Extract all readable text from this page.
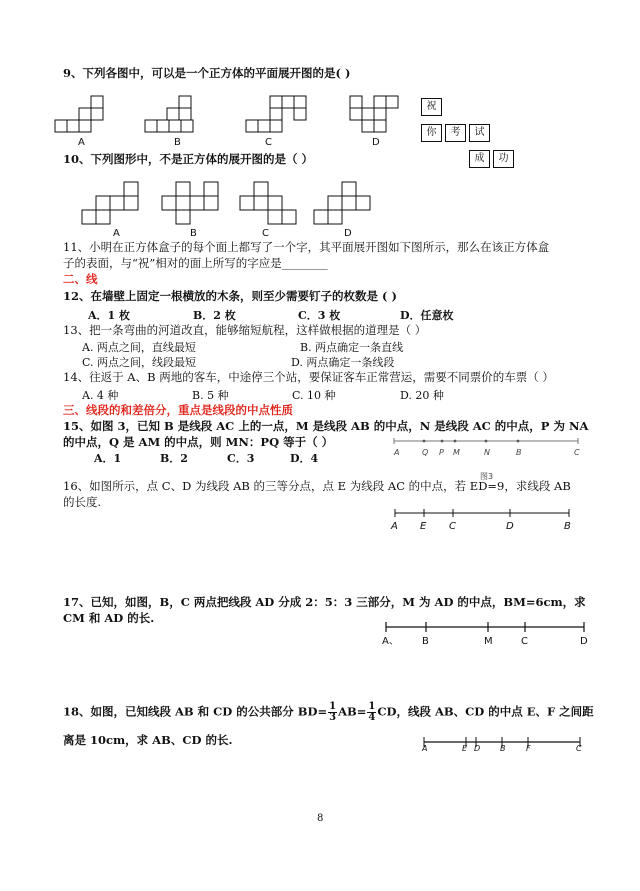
9、下列各图中，可以是一个正方体的平面展开图的是( )
A	B	C	D
祝
你	考	试
成	功
10、下列图形中，不是正方体的展开图的是（ ）
A	B	C	D
11、小明在正方体盒子的每个面上都写了一个字，其平面展开图如下图所示，那么在该正方体盒
子的表面，与“祝”相对的面上所写的字应是________
二、线
12、在墙壁上固定一根横放的木条，则至少需要钉子的枚数是 ( )
A．1 枚	B．2 枚	C．3 枚	D．任意枚
13、把一条弯曲的河道改直，能够缩短航程，这样做根据的道理是（ ）
A. 两点之间，直线最短	B. 两点确定一条直线
C. 两点之间，线段最短	D. 两点确定一条线段
14、往返于 A、B 两地的客车，中途停三个站，要保证客车正常营运，需要不同票价的车票（ ）
A. 4 种	B. 5 种	C. 10 种	D. 20 种
三、线段的和差倍分，重点是线段的中点性质
15、如图 3，已知 B 是线段 AC 上的一点，M 是线段 AB 的中点，N 是线段 AC 的中点，P 为 NA
的中点，Q 是 AM 的中点，则 MN：PQ 等于（ ）
A．1	B．2	C．3	D．4	A	Q P M	N	B	C
图3
16、如图所示，点 C、D 为线段 AB 的三等分点，点 E 为线段 AC 的中点，若 ED=9，求线段 AB
的长度.
A E C	D	B
17、已知，如图，B，C 两点把线段 AD 分成 2：5：3 三部分，M 为 AD 的中点，BM=6cm，求
CM 和 AD 的长.
A、 B	M	C	D
18、如图，已知线段 AB 和 CD 的公共部分 $BD= \frac{1}{3} AB= \frac{1}{4}$ CD，线段 AB、CD 的中点 E、F 之间距
离是 10cm，求 AB、CD 的长.
A	E D B	F	C
8
